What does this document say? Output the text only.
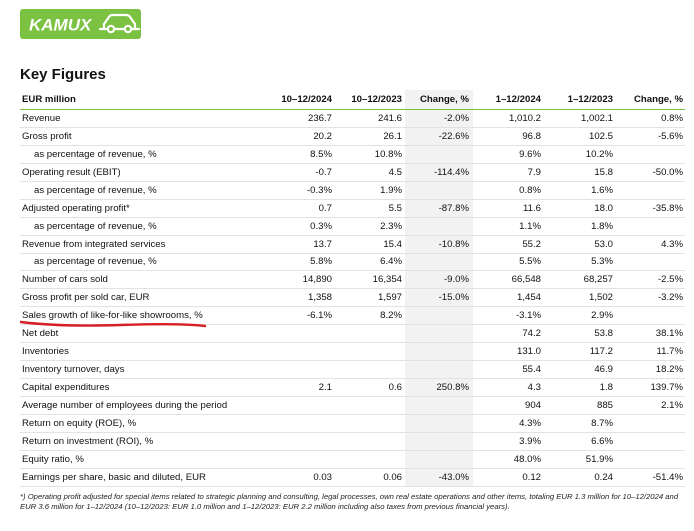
KAMUX
Key Figures
EUR million	10–12/2024	10–12/2023	Change, %	1–12/2024	1–12/2023	Change, %
Revenue	236.7	241.6	-2.0%	1,010.2	1,002.1	0.8%
Gross profit	20.2	26.1	-22.6%	96.8	102.5	-5.6%
as percentage of revenue, %	8.5%	10.8%		9.6%	10.2%	
Operating result (EBIT)	-0.7	4.5	-114.4%	7.9	15.8	-50.0%
as percentage of revenue, %	-0.3%	1.9%		0.8%	1.6%	
Adjusted operating profit*	0.7	5.5	-87.8%	11.6	18.0	-35.8%
as percentage of revenue, %	0.3%	2.3%		1.1%	1.8%	
Revenue from integrated services	13.7	15.4	-10.8%	55.2	53.0	4.3%
as percentage of revenue, %	5.8%	6.4%		5.5%	5.3%	
Number of cars sold	14,890	16,354	-9.0%	66,548	68,257	-2.5%
Gross profit per sold car, EUR	1,358	1,597	-15.0%	1,454	1,502	-3.2%
Sales growth of like-for-like showrooms, %	-6.1%	8.2%		-3.1%	2.9%	
Net debt				74.2	53.8	38.1%
Inventories				131.0	117.2	11.7%
Inventory turnover, days				55.4	46.9	18.2%
Capital expenditures	2.1	0.6	250.8%	4.3	1.8	139.7%
Average number of employees during the period				904	885	2.1%
Return on equity (ROE), %				4.3%	8.7%	
Return on investment (ROI), %				3.9%	6.6%	
Equity ratio, %				48.0%	51.9%	
Earnings per share, basic and diluted, EUR	0.03	0.06	-43.0%	0.12	0.24	-51.4%
*) Operating profit adjusted for special items related to strategic planning and consulting, legal processes, own real estate operations and other items, totaling EUR 1.3 million for 10–12/2024 and EUR 3.6 million for 1–12/2024 (10–12/2023: EUR 1.0 million and 1–12/2023: EUR 2.2 million including also taxes from previous financial years).
